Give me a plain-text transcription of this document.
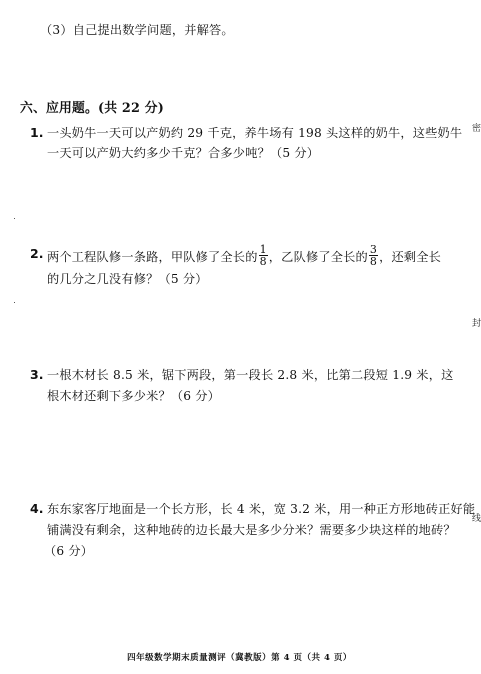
（3）自己提出数学问题，并解答。
六、应用题。(共 22 分)
1. 一头奶牛一天可以产奶约 29 千克，养牛场有 198 头这样的奶牛，这些奶牛
一天可以产奶大约多少千克？合多少吨？（5 分）
2. 两个工程队修一条路，甲队修了全长的 $\frac{1}{8}$ ，乙队修了全长的 $\frac{3}{8}$ ，还剩全长
的几分之几没有修？（5 分）
3. 一根木材长 8.5 米，锯下两段，第一段长 2.8 米，比第二段短 1.9 米，这
根木材还剩下多少米？（6 分）
4. 东东家客厅地面是一个长方形，长 4 米，宽 3.2 米，用一种正方形地砖正好能
铺满没有剩余，这种地砖的边长最大是多少分米？需要多少块这样的地砖？
（6 分）
密
封
线
四年级数学期末质量测评（冀教版）第 4 页（共 4 页）
